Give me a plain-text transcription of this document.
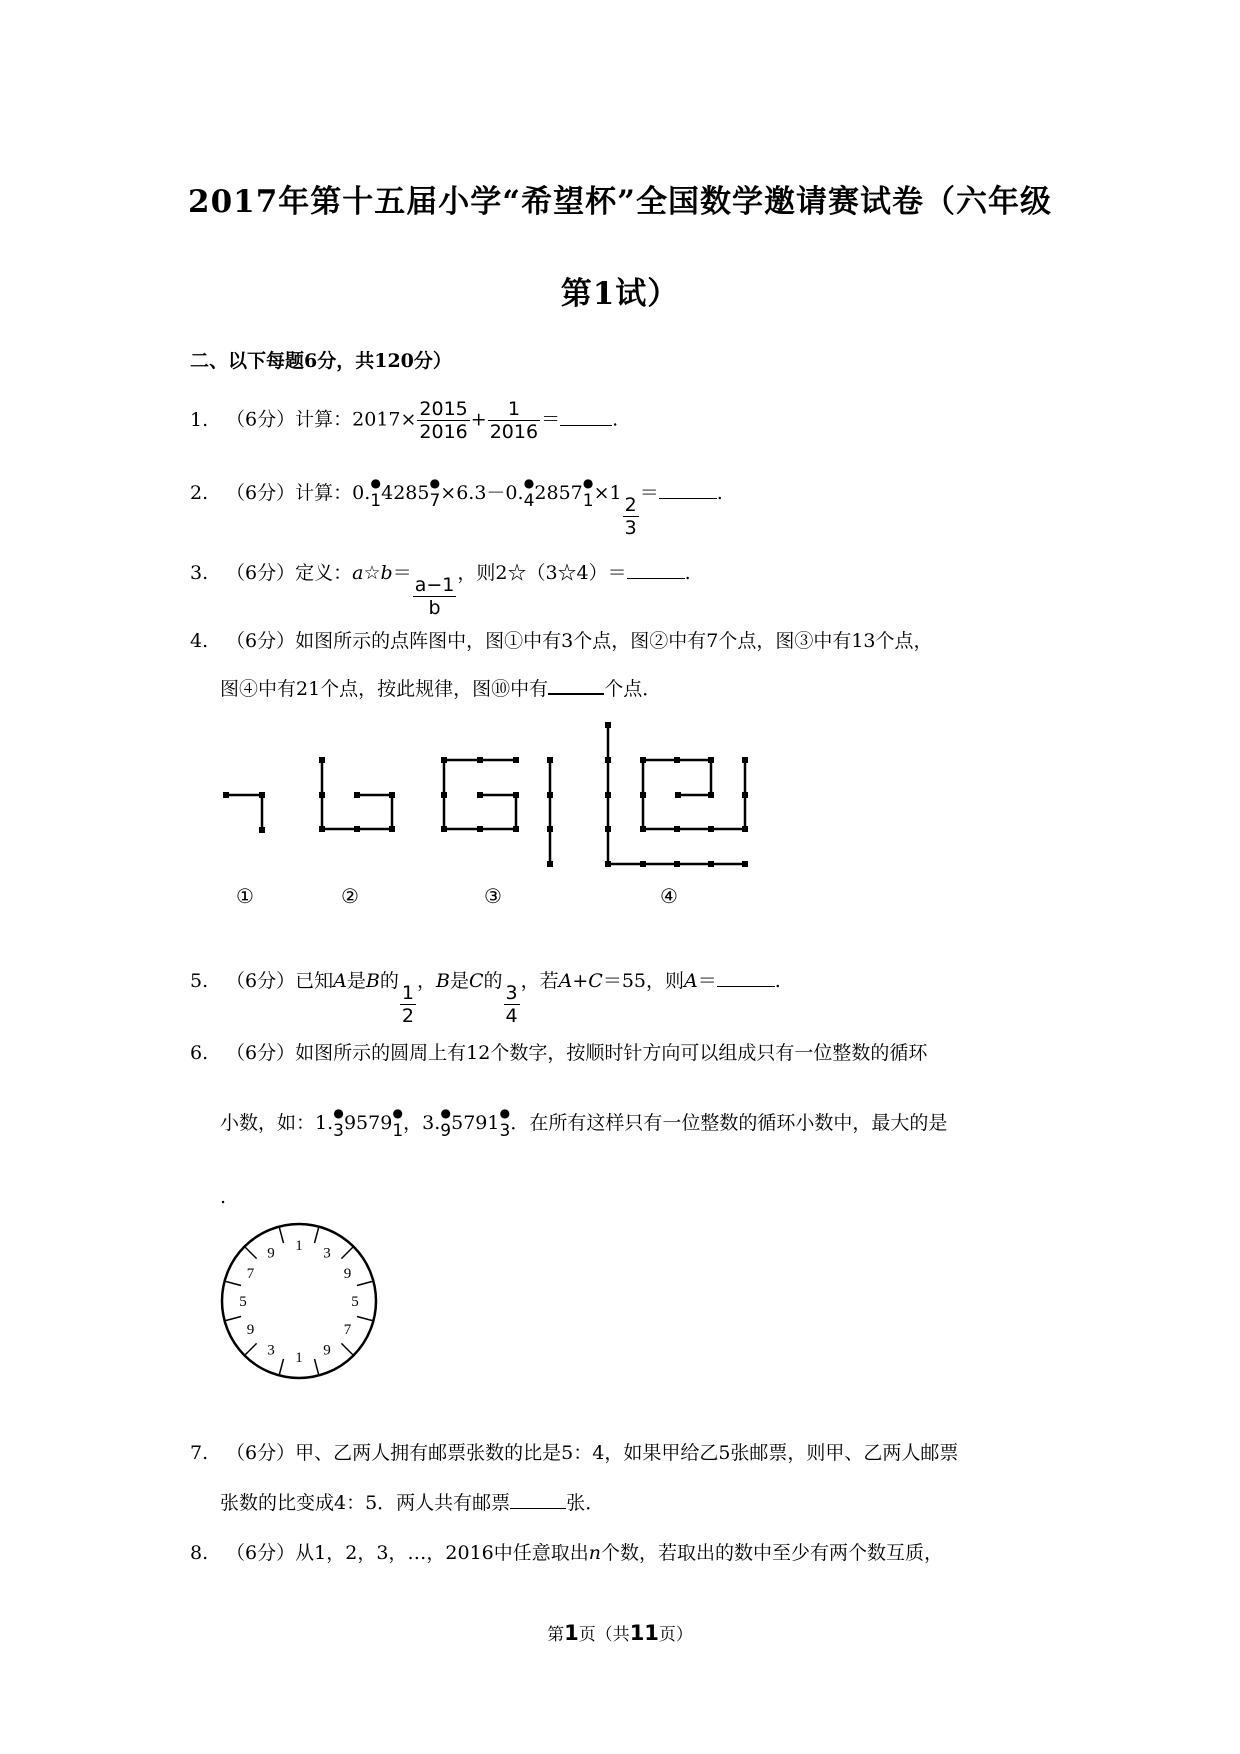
2017年第十五届小学“希望杯”全国数学邀请赛试卷（六年级
第1试）
二、以下每题6分，共120分）
1. （6分）计算：$2017\times \frac{2015}{2016} + \frac{1}{2016}$ ＝	.
2. （6分）计算：0. ●
1 4285 ●
7 ×6.3－0. ●
4 2857 ●
1 ×1
$\frac{2}{3}$
＝	.
3. （6分）定义：a☆b＝
$\frac{a-1}{b}$
，则2☆（3☆4）＝	.
4. （6分）如图所示的点阵图中，图①中有3个点，图②中有7个点，图③中有13个点，
图④中有21个点，按此规律，图⑩中有	个点．
①	②	③	④
5. （6分）已知A是B的
$\frac{1}{2}$
，B是C的
$\frac{3}{4}$
，若A+C＝55，则A＝	.
6. （6分）如图所示的圆周上有12个数字，按顺时针方向可以组成只有一位整数的循环
小数，如：1. ●
3 9579 ●
1 ，3. ●
9 5791 ●
3 ．在所有这样只有一位整数的循环小数中，最大的是
.
1 3
9
5
7
9
1
3
9
5
7
9
7. （6分）甲、乙两人拥有邮票张数的比是5：4，如果甲给乙5张邮票，则甲、乙两人邮票
张数的比变成4：5．两人共有邮票	张．
8. （6分）从1，2，3，…，2016中任意取出n个数，若取出的数中至少有两个数互质，
第1页（共11页）
